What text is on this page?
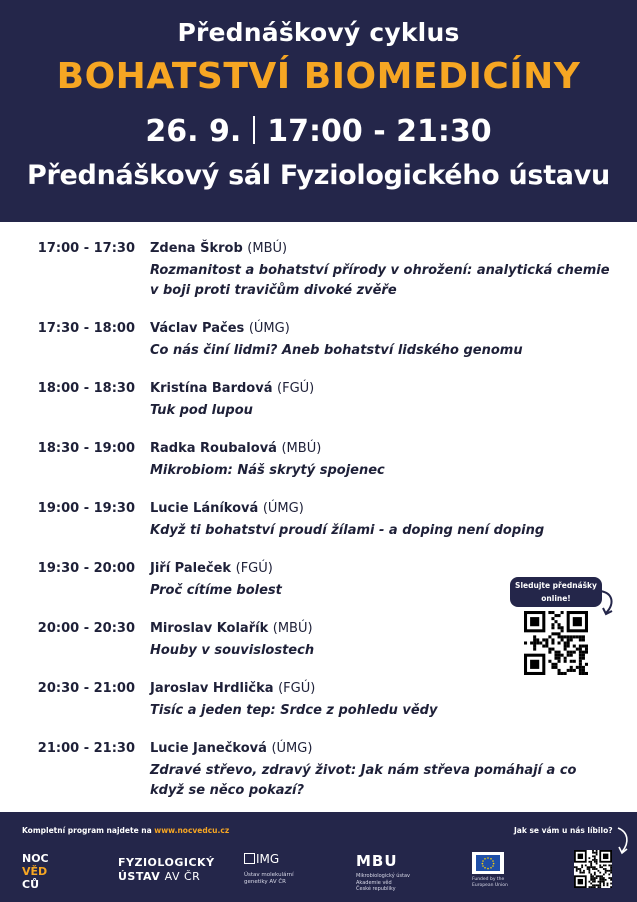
Přednáškový cyklus
BOHATSTVÍ BIOMEDICÍNY
26. 9. 17:00 - 21:30
Přednáškový sál Fyziologického ústavu
17:00 - 17:30 Zdena Škrob (MBÚ)
Rozmanitost a bohatství přírody v ohrožení: analytická chemie v boji proti travičům divoké zvěře
17:30 - 18:00 Václav Pačes (ÚMG)
Co nás činí lidmi? Aneb bohatství lidského genomu
18:00 - 18:30 Kristína Bardová (FGÚ)
Tuk pod lupou
18:30 - 19:00 Radka Roubalová (MBÚ)
Mikrobiom: Náš skrytý spojenec
19:00 - 19:30 Lucie Láníková (ÚMG)
Když ti bohatství proudí žílami - a doping není doping
19:30 - 20:00 Jiří Paleček (FGÚ)
Proč cítíme bolest
20:00 - 20:30 Miroslav Kolařík (MBÚ)
Houby v souvislostech
20:30 - 21:00 Jaroslav Hrdlička (FGÚ)
Tisíc a jeden tep: Srdce z pohledu vědy
21:00 - 21:30 Lucie Janečková (ÚMG)
Zdravé střevo, zdravý život: Jak nám střeva pomáhají a co když se něco pokazí?
Sledujte přednášky
online!
Kompletní program najdete na www.nocvedcu.cz	Jak se vám u nás líbilo?
NOC
VĚD
CŮ
FYZIOLOGICKÝ
ÚSTAV AV ČR
IMG
Ústav molekulární
genetiky AV ČR
MBU
Mikrobiologický ústav
Akademie věd
České republiky
Funded by the
European Union
